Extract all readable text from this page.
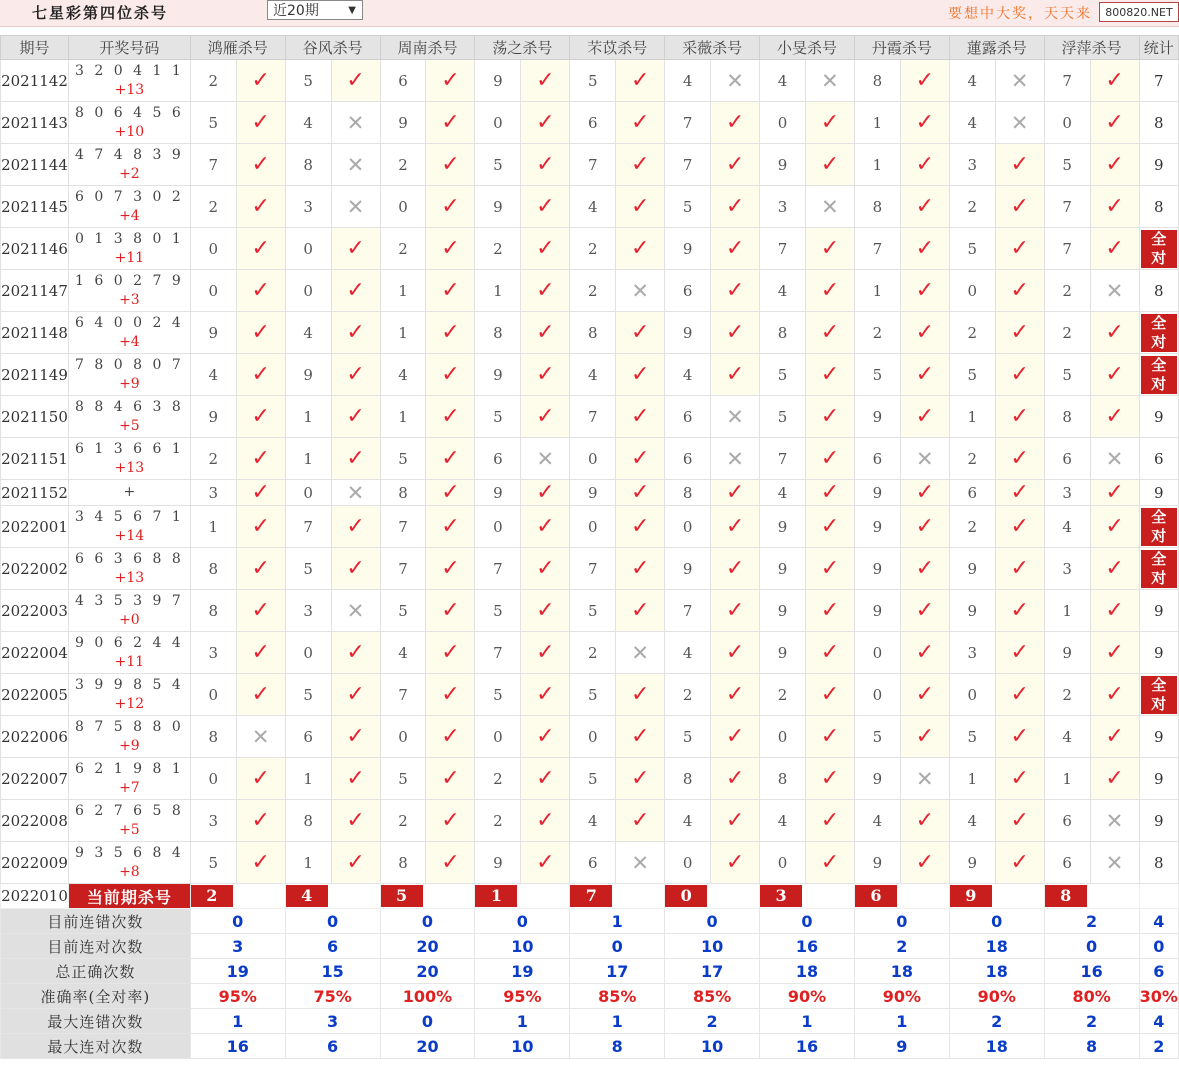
七星彩第四位杀号	近20期	▼	要想中大奖，天天来	800820.NET
期号	开奖号码	鸿雁杀号		谷风杀号		周南杀号		荡之杀号		芣苡杀号		采薇杀号		小旻杀号		丹霞杀号		蓮露杀号		浮萍杀号		统计
2021142	3 2 0 4 1 1
+13	2	✓	5	✓	6	✓	9	✓	5	✓	4	✕	4	✕	8	✓	4	✕	7	✓	7
2021143	8 0 6 4 5 6
+10	5	✓	4	✕	9	✓	0	✓	6	✓	7	✓	0	✓	1	✓	4	✕	0	✓	8
2021144	4 7 4 8 3 9
+2	7	✓	8	✕	2	✓	5	✓	7	✓	7	✓	9	✓	1	✓	3	✓	5	✓	9
2021145	6 0 7 3 0 2
+4	2	✓	3	✕	0	✓	9	✓	4	✓	5	✓	3	✕	8	✓	2	✓	7	✓	8
2021146	0 1 3 8 0 1
+11	0	✓	0	✓	2	✓	2	✓	2	✓	9	✓	7	✓	7	✓	5	✓	7	✓	全
对

2021147	1 6 0 2 7 9
+3	0	✓	0	✓	1	✓	1	✓	2	✕	6	✓	4	✓	1	✓	0	✓	2	✕	8
2021148	6 4 0 0 2 4
+4	9	✓	4	✓	1	✓	8	✓	8	✓	9	✓	8	✓	2	✓	2	✓	2	✓	全
对

2021149	7 8 0 8 0 7
+9	4	✓	9	✓	4	✓	9	✓	4	✓	4	✓	5	✓	5	✓	5	✓	5	✓	全
对

2021150	8 8 4 6 3 8
+5	9	✓	1	✓	1	✓	5	✓	7	✓	6	✕	5	✓	9	✓	1	✓	8	✓	9
2021151	6 1 3 6 6 1
+13	2	✓	1	✓	5	✓	6	✕	0	✓	6	✕	7	✓	6	✕	2	✓	6	✕	6
2021152	+	3	✓	0	✕	8	✓	9	✓	9	✓	8	✓	4	✓	9	✓	6	✓	3	✓	9
2022001	3 4 5 6 7 1
+14	1	✓	7	✓	7	✓	0	✓	0	✓	0	✓	9	✓	9	✓	2	✓	4	✓	全
对

2022002	6 6 3 6 8 8
+13	8	✓	5	✓	7	✓	7	✓	7	✓	9	✓	9	✓	9	✓	9	✓	3	✓	全
对

2022003	4 3 5 3 9 7
+0	8	✓	3	✕	5	✓	5	✓	5	✓	7	✓	9	✓	9	✓	9	✓	1	✓	9
2022004	9 0 6 2 4 4
+11	3	✓	0	✓	4	✓	7	✓	2	✕	4	✓	9	✓	0	✓	3	✓	9	✓	9
2022005	3 9 9 8 5 4
+12	0	✓	5	✓	7	✓	5	✓	5	✓	2	✓	2	✓	0	✓	0	✓	2	✓	全
对

2022006	8 7 5 8 8 0
+9	8	✕	6	✓	0	✓	0	✓	0	✓	5	✓	0	✓	5	✓	5	✓	4	✓	9
2022007	6 2 1 9 8 1
+7	0	✓	1	✓	5	✓	2	✓	5	✓	8	✓	8	✓	9	✕	1	✓	1	✓	9
2022008	6 2 7 6 5 8
+5	3	✓	8	✓	2	✓	2	✓	4	✓	4	✓	4	✓	4	✓	4	✓	6	✕	9
2022009	9 3 5 6 8 4
+8	5	✓	1	✓	8	✓	9	✓	6	✕	0	✓	0	✓	9	✓	9	✓	6	✕	8
2022010	当前期杀号	2		4		5		1		7		0		3		6		9		8		

目前连错次数		0		0		0		0		1		0		0		0		0		2		4
目前连对次数		3		6		20		10		0		10		16		2		18		0		0
总正确次数		19		15		20		19		17		17		18		18		18		16		6
准确率(全对率)		95%		75%		100%		95%		85%		85%		90%		90%		90%		80%		30%
最大连错次数		1		3		0		1		1		2		1		1		2		2		4
最大连对次数		16		6		20		10		8		10		16		9		18		8		2
